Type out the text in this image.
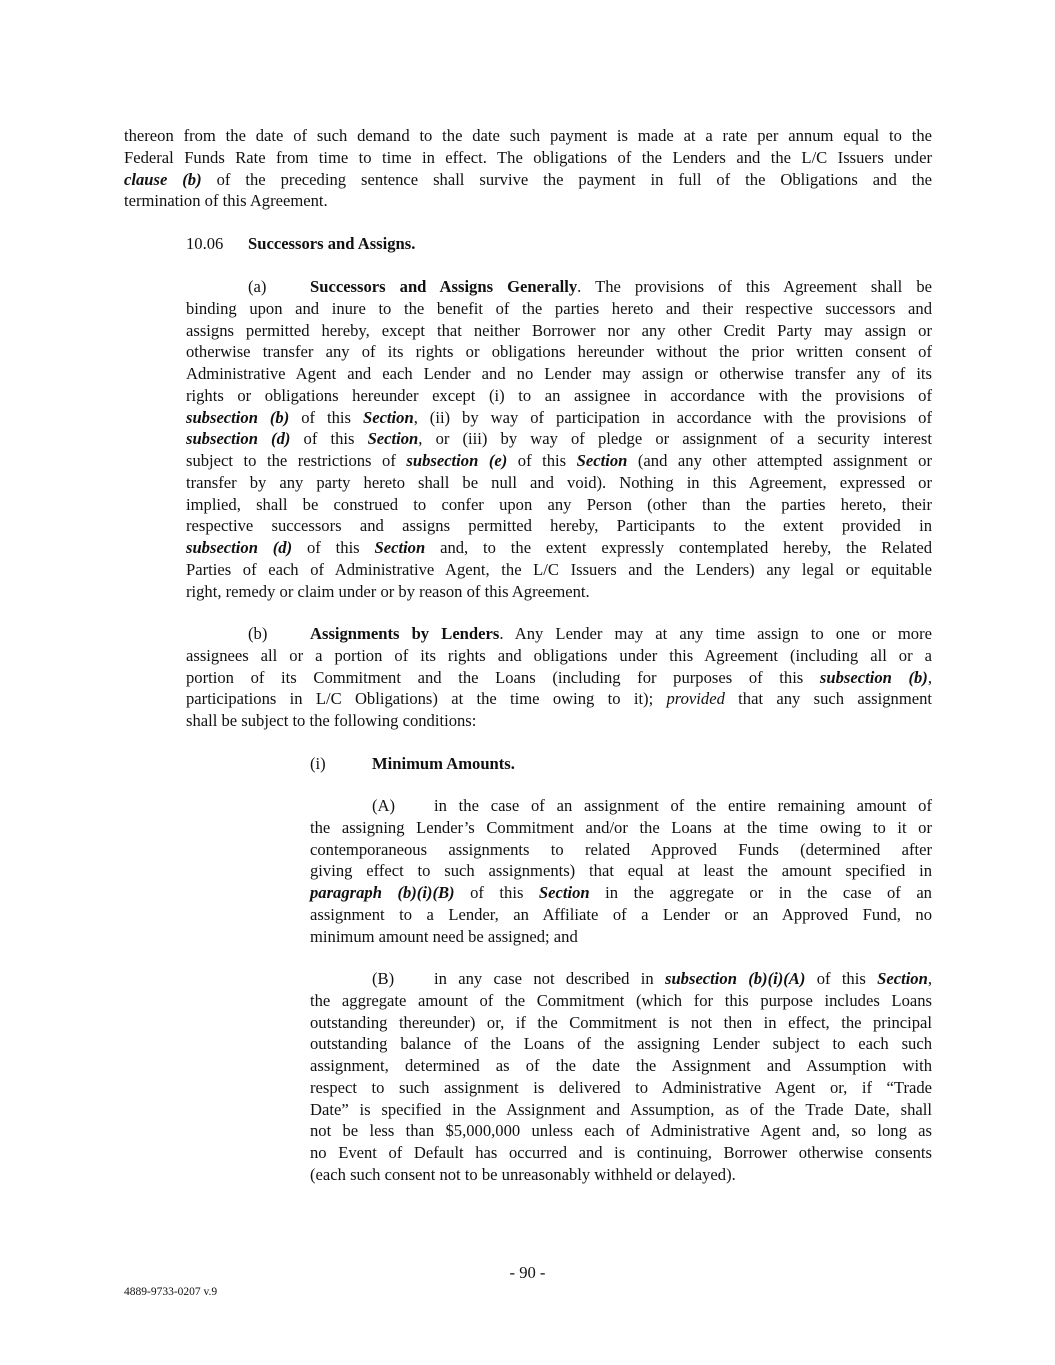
thereon from the date of such demand to the date such payment is made at a rate per annum equal to the
Federal Funds Rate from time to time in effect. The obligations of the Lenders and the L/C Issuers under
clause (b) of the preceding sentence shall survive the payment in full of the Obligations and the
termination of this Agreement.
10.06 Successors and Assigns.
(a)	Successors and Assigns Generally. The provisions of this Agreement shall be
binding upon and inure to the benefit of the parties hereto and their respective successors and
assigns permitted hereby, except that neither Borrower nor any other Credit Party may assign or
otherwise transfer any of its rights or obligations hereunder without the prior written consent of
Administrative Agent and each Lender and no Lender may assign or otherwise transfer any of its
rights or obligations hereunder except (i) to an assignee in accordance with the provisions of
subsection (b) of this Section, (ii) by way of participation in accordance with the provisions of
subsection (d) of this Section, or (iii) by way of pledge or assignment of a security interest
subject to the restrictions of subsection (e) of this Section (and any other attempted assignment or
transfer by any party hereto shall be null and void). Nothing in this Agreement, expressed or
implied, shall be construed to confer upon any Person (other than the parties hereto, their
respective successors and assigns permitted hereby, Participants to the extent provided in
subsection (d) of this Section and, to the extent expressly contemplated hereby, the Related
Parties of each of Administrative Agent, the L/C Issuers and the Lenders) any legal or equitable
right, remedy or claim under or by reason of this Agreement.
(b)	Assignments by Lenders. Any Lender may at any time assign to one or more
assignees all or a portion of its rights and obligations under this Agreement (including all or a
portion of its Commitment and the Loans (including for purposes of this subsection (b),
participations in L/C Obligations) at the time owing to it); provided that any such assignment
shall be subject to the following conditions:
(i)	Minimum Amounts.
(A) in the case of an assignment of the entire remaining amount of
the assigning Lender’s Commitment and/or the Loans at the time owing to it or
contemporaneous assignments to related Approved Funds (determined after
giving effect to such assignments) that equal at least the amount specified in
paragraph (b)(i)(B) of this Section in the aggregate or in the case of an
assignment to a Lender, an Affiliate of a Lender or an Approved Fund, no
minimum amount need be assigned; and
(B) in any case not described in subsection (b)(i)(A) of this Section,
the aggregate amount of the Commitment (which for this purpose includes Loans
outstanding thereunder) or, if the Commitment is not then in effect, the principal
outstanding balance of the Loans of the assigning Lender subject to each such
assignment, determined as of the date the Assignment and Assumption with
respect to such assignment is delivered to Administrative Agent or, if “Trade
Date” is specified in the Assignment and Assumption, as of the Trade Date, shall
not be less than $5,000,000 unless each of Administrative Agent and, so long as
no Event of Default has occurred and is continuing, Borrower otherwise consents
(each such consent not to be unreasonably withheld or delayed).
- 90 -
4889-9733-0207 v.9
